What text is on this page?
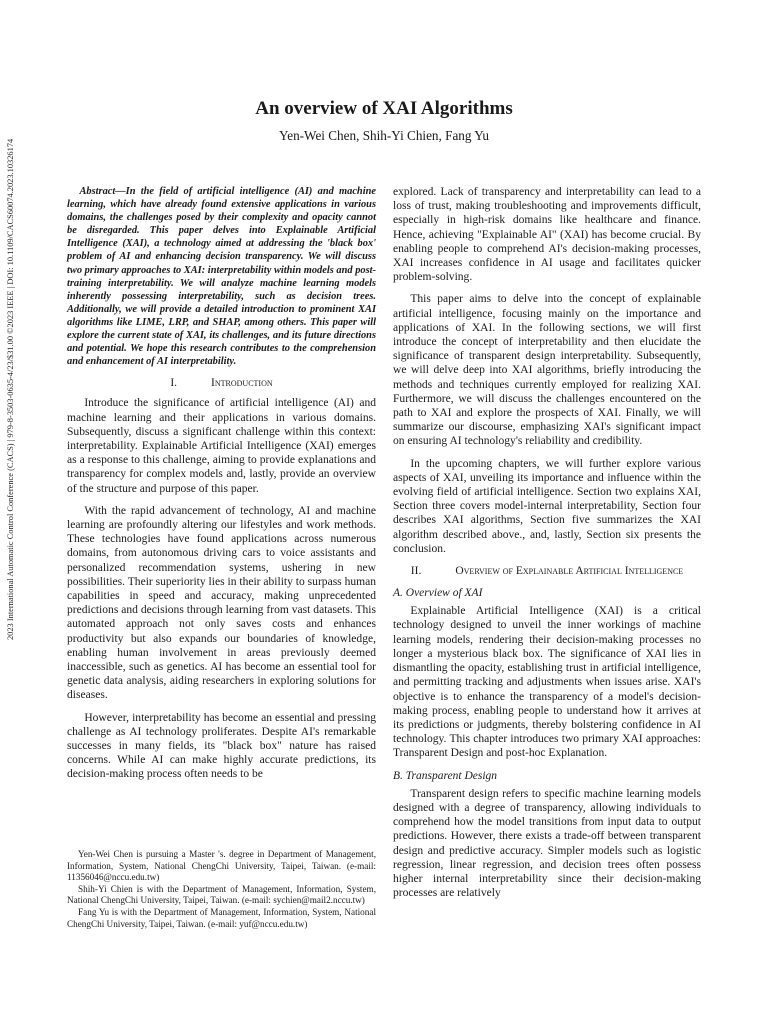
2023 International Automatic Control Conference (CACS) | 979-8-3503-0635-4/23/$31.00 ©2023 IEEE | DOI: 10.1109/CACS60074.2023.10326174
An overview of XAI Algorithms
Yen-Wei Chen, Shih-Yi Chien, Fang Yu

Abstract—In the field of artificial intelligence (AI) and machine learning, which have already found extensive applications in various domains, the challenges posed by their complexity and opacity cannot be disregarded. This paper delves into Explainable Artificial Intelligence (XAI), a technology aimed at addressing the 'black box' problem of AI and enhancing decision transparency. We will discuss two primary approaches to XAI: interpretability within models and post-training interpretability. We will analyze machine learning models inherently possessing interpretability, such as decision trees. Additionally, we will provide a detailed introduction to prominent XAI algorithms like LIME, LRP, and SHAP, among others. This paper will explore the current state of XAI, its challenges, and its future directions and potential. We hope this research contributes to the comprehension and enhancement of AI interpretability.

I.	Introduction

Introduce the significance of artificial intelligence (AI) and machine learning and their applications in various domains. Subsequently, discuss a significant challenge within this context: interpretability. Explainable Artificial Intelligence (XAI) emerges as a response to this challenge, aiming to provide explanations and transparency for complex models and, lastly, provide an overview of the structure and purpose of this paper.

With the rapid advancement of technology, AI and machine learning are profoundly altering our lifestyles and work methods. These technologies have found applications across numerous domains, from autonomous driving cars to voice assistants and personalized recommendation systems, ushering in new possibilities. Their superiority lies in their ability to surpass human capabilities in speed and accuracy, making unprecedented predictions and decisions through learning from vast datasets. This automated approach not only saves costs and enhances productivity but also expands our boundaries of knowledge, enabling human involvement in areas previously deemed inaccessible, such as genetics. AI has become an essential tool for genetic data analysis, aiding researchers in exploring solutions for diseases.

However, interpretability has become an essential and pressing challenge as AI technology proliferates. Despite AI's remarkable successes in many fields, its "black box" nature has raised concerns. While AI can make highly accurate predictions, its decision-making process often needs to be

Yen-Wei Chen is pursuing a Master 's. degree in Department of Management, Information, System, National ChengChi University, Taipei, Taiwan. (e-mail: 11356046@nccu.edu.tw)

Shih-Yi Chien is with the Department of Management, Information, System, National ChengChi University, Taipei, Taiwan. (e-mail: sychien@mail2.nccu.tw)

Fang Yu is with the Department of Management, Information, System, National ChengChi University, Taipei, Taiwan. (e-mail: yuf@nccu.edu.tw)

explored. Lack of transparency and interpretability can lead to a loss of trust, making troubleshooting and improvements difficult, especially in high-risk domains like healthcare and finance. Hence, achieving "Explainable AI" (XAI) has become crucial. By enabling people to comprehend AI's decision-making processes, XAI increases confidence in AI usage and facilitates quicker problem-solving.

This paper aims to delve into the concept of explainable artificial intelligence, focusing mainly on the importance and applications of XAI. In the following sections, we will first introduce the concept of interpretability and then elucidate the significance of transparent design interpretability. Subsequently, we will delve deep into XAI algorithms, briefly introducing the methods and techniques currently employed for realizing XAI. Furthermore, we will discuss the challenges encountered on the path to XAI and explore the prospects of XAI. Finally, we will summarize our discourse, emphasizing XAI's significant impact on ensuring AI technology's reliability and credibility.

In the upcoming chapters, we will further explore various aspects of XAI, unveiling its importance and influence within the evolving field of artificial intelligence. Section two explains XAI, Section three covers model-internal interpretability, Section four describes XAI algorithms, Section five summarizes the XAI algorithm described above., and, lastly, Section six presents the conclusion.

II.	Overview of Explainable Artificial Intelligence
A. Overview of XAI

Explainable Artificial Intelligence (XAI) is a critical technology designed to unveil the inner workings of machine learning models, rendering their decision-making processes no longer a mysterious black box. The significance of XAI lies in dismantling the opacity, establishing trust in artificial intelligence, and permitting tracking and adjustments when issues arise. XAI's objective is to enhance the transparency of a model's decision-making process, enabling people to understand how it arrives at its predictions or judgments, thereby bolstering confidence in AI technology. This chapter introduces two primary XAI approaches: Transparent Design and post-hoc Explanation.

B. Transparent Design

Transparent design refers to specific machine learning models designed with a degree of transparency, allowing individuals to comprehend how the model transitions from input data to output predictions. However, there exists a trade-off between transparent design and predictive accuracy. Simpler models such as logistic regression, linear regression, and decision trees often possess higher internal interpretability since their decision-making processes are relatively
